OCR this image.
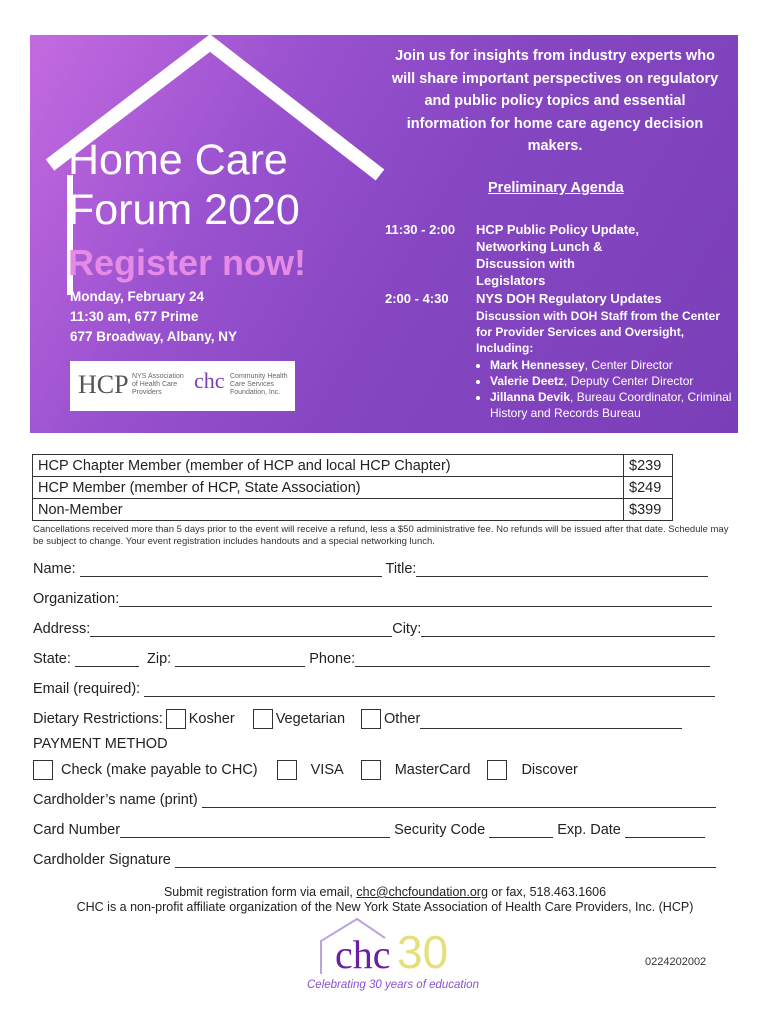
Join us for insights from industry experts who will share important perspectives on regulatory and public policy topics and essential information for home care agency decision makers.
Home Care
Forum 2020
Register now!
Monday, February 24
11:30 am, 677 Prime
677 Broadway, Albany, NY
HCP NYS Association of Health Care Providers	chc Community Health Care Services Foundation, Inc.
Preliminary Agenda
11:30 - 2:00 HCP Public Policy Update, Networking Lunch & Discussion with Legislators
2:00 - 4:30 NYS DOH Regulatory Updates
Discussion with DOH Staff from the Center for Provider Services and Oversight, Including:
• Mark Hennessey, Center Director
• Valerie Deetz, Deputy Center Director
• Jillanna Devik, Bureau Coordinator, Criminal History and Records Bureau
HCP Chapter Member (member of HCP and local HCP Chapter)	$239
HCP Member (member of HCP, State Association)	$249
Non-Member	$399
Cancellations received more than 5 days prior to the event will receive a refund, less a $50 administrative fee. No refunds will be issued after that date. Schedule may be subject to change. Your event registration includes handouts and a special networking lunch.
Name:	Title:
Organization:
Address:	City:
State:	Zip:	Phone:
Email (required):
Dietary Restrictions: Kosher	Vegetarian	Other
PAYMENT METHOD
Check (make payable to CHC)	VISA	MasterCard	Discover
Cardholder’s name (print)
Card Number	Security Code	Exp. Date
Cardholder Signature
Submit registration form via email, chc@chcfoundation.org or fax, 518.463.1606
CHC is a non-profit affiliate organization of the New York State Association of Health Care Providers, Inc. (HCP)
chc 30
Celebrating 30 years of education
0224202002
